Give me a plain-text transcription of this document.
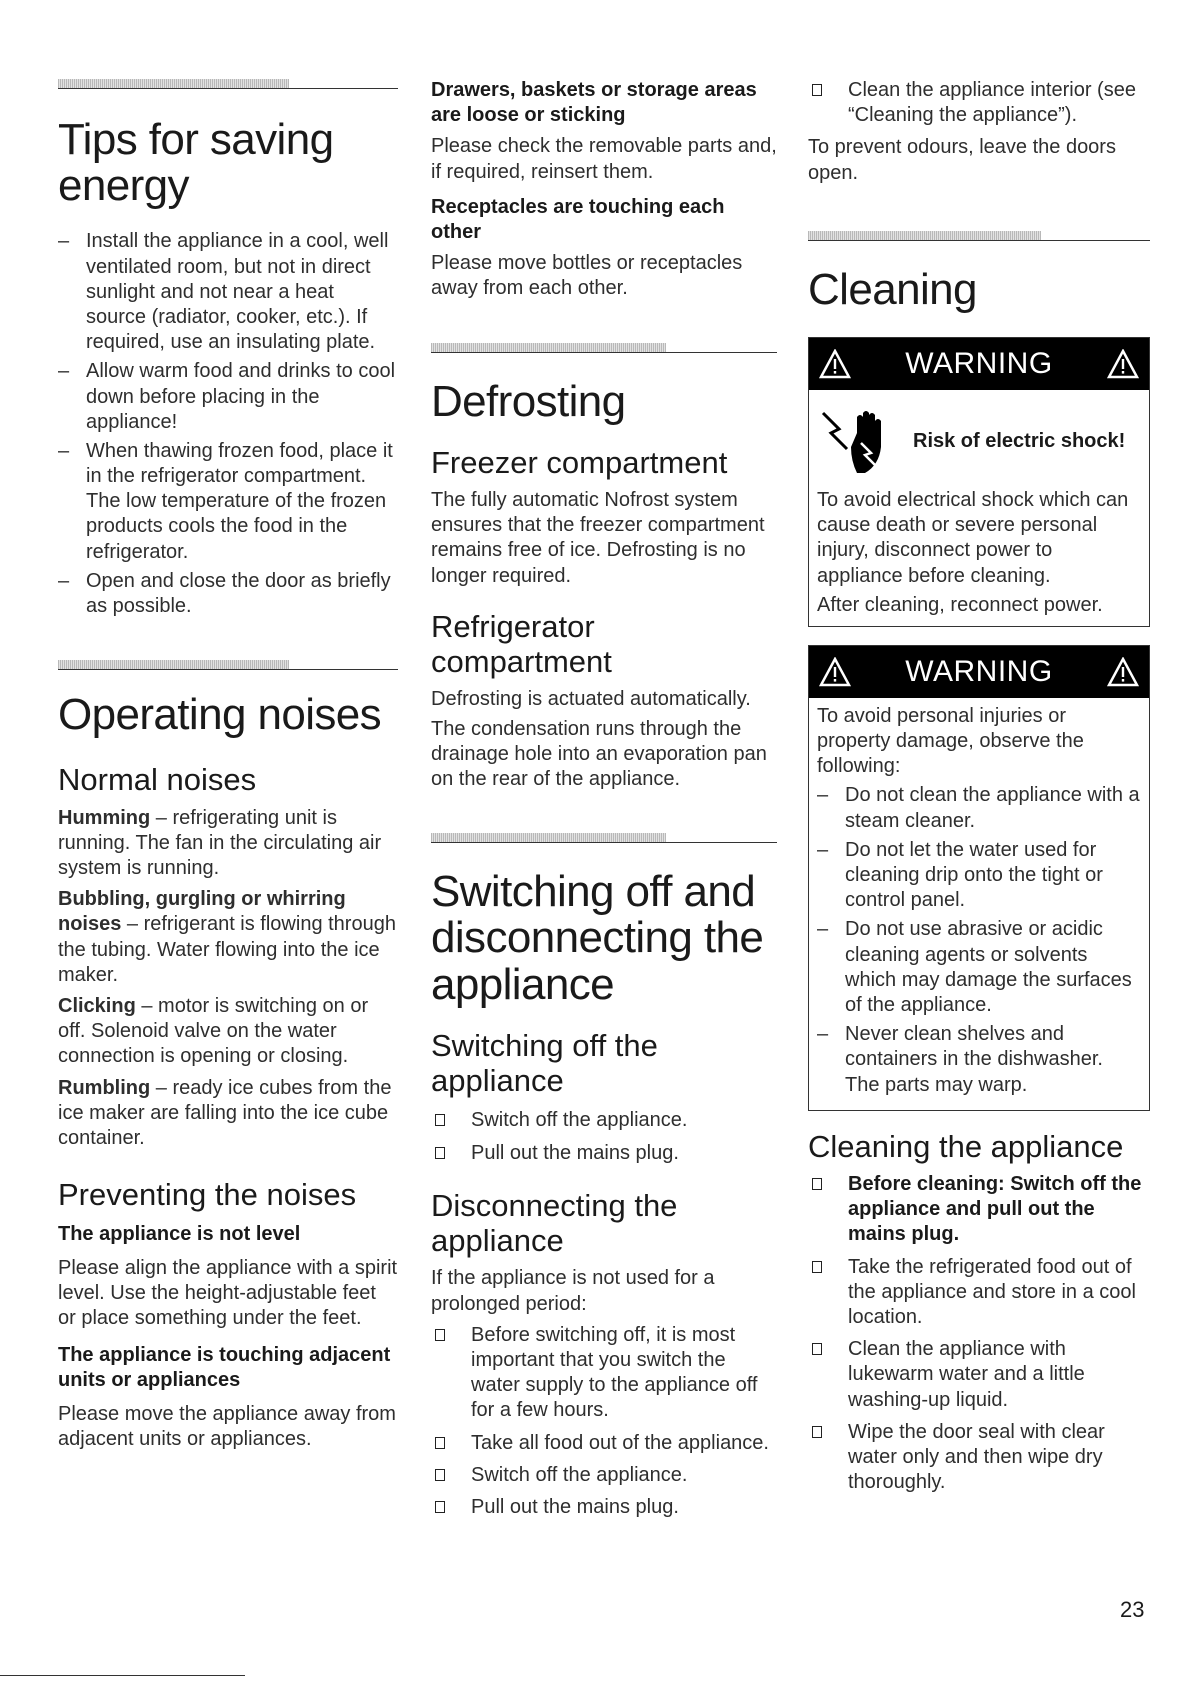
Tips for saving energy
– Install the appliance in a cool, well ventilated room, but not in direct sunlight and not near a heat source (radiator, cooker, etc.). If required, use an insulating plate.
– Allow warm food and drinks to cool down before placing in the appliance!
– When thawing frozen food, place it in the refrigerator compartment. The low temperature of the frozen products cools the food in the refrigerator.
– Open and close the door as briefly as possible.
Operating noises
Normal noises

Humming – refrigerating unit is running. The fan in the circulating air system is running.

Bubbling, gurgling or whirring noises – refrigerant is flowing through the tubing. Water flowing into the ice maker.

Clicking – motor is switching on or off. Solenoid valve on the water connection is opening or closing.

Rumbling – ready ice cubes from the ice maker are falling into the ice cube container.

Preventing the noises
The appliance is not level

Please align the appliance with a spirit level. Use the height-adjustable feet or place something under the feet.

The appliance is touching adjacent units or appliances

Please move the appliance away from adjacent units or appliances.

Drawers, baskets or storage areas are loose or sticking

Please check the removable parts and, if required, reinsert them.

Receptacles are touching each other

Please move bottles or receptacles away from each other.

Defrosting
Freezer compartment

The fully automatic Nofrost system ensures that the freezer compartment remains free of ice. Defrosting is no longer required.

Refrigerator compartment

Defrosting is actuated automatically.

The condensation runs through the drainage hole into an evaporation pan on the rear of the appliance.

Switching off and disconnecting the appliance
Switching off the appliance
Switch off the appliance.
Pull out the mains plug.
Disconnecting the appliance

If the appliance is not used for a prolonged period:

Before switching off, it is most important that you switch the water supply to the appliance off for a few hours.
Take all food out of the appliance.
Switch off the appliance.
Pull out the mains plug.
Clean the appliance interior (see “Cleaning the appliance”).

To prevent odours, leave the doors open.

Cleaning
WARNING
Risk of electric shock!

To avoid electrical shock which can cause death or severe personal injury, disconnect power to appliance before cleaning.

After cleaning, reconnect power.

WARNING

To avoid personal injuries or property damage, observe the following:

– Do not clean the appliance with a steam cleaner.
– Do not let the water used for cleaning drip onto the tight or control panel.
– Do not use abrasive or acidic cleaning agents or solvents which may damage the surfaces of the appliance.
– Never clean shelves and containers in the dishwasher. The parts may warp.
Cleaning the appliance
Before cleaning: Switch off the appliance and pull out the mains plug.
Take the refrigerated food out of the appliance and store in a cool location.
Clean the appliance with lukewarm water and a little washing-up liquid.
Wipe the door seal with clear water only and then wipe dry thoroughly.
23
